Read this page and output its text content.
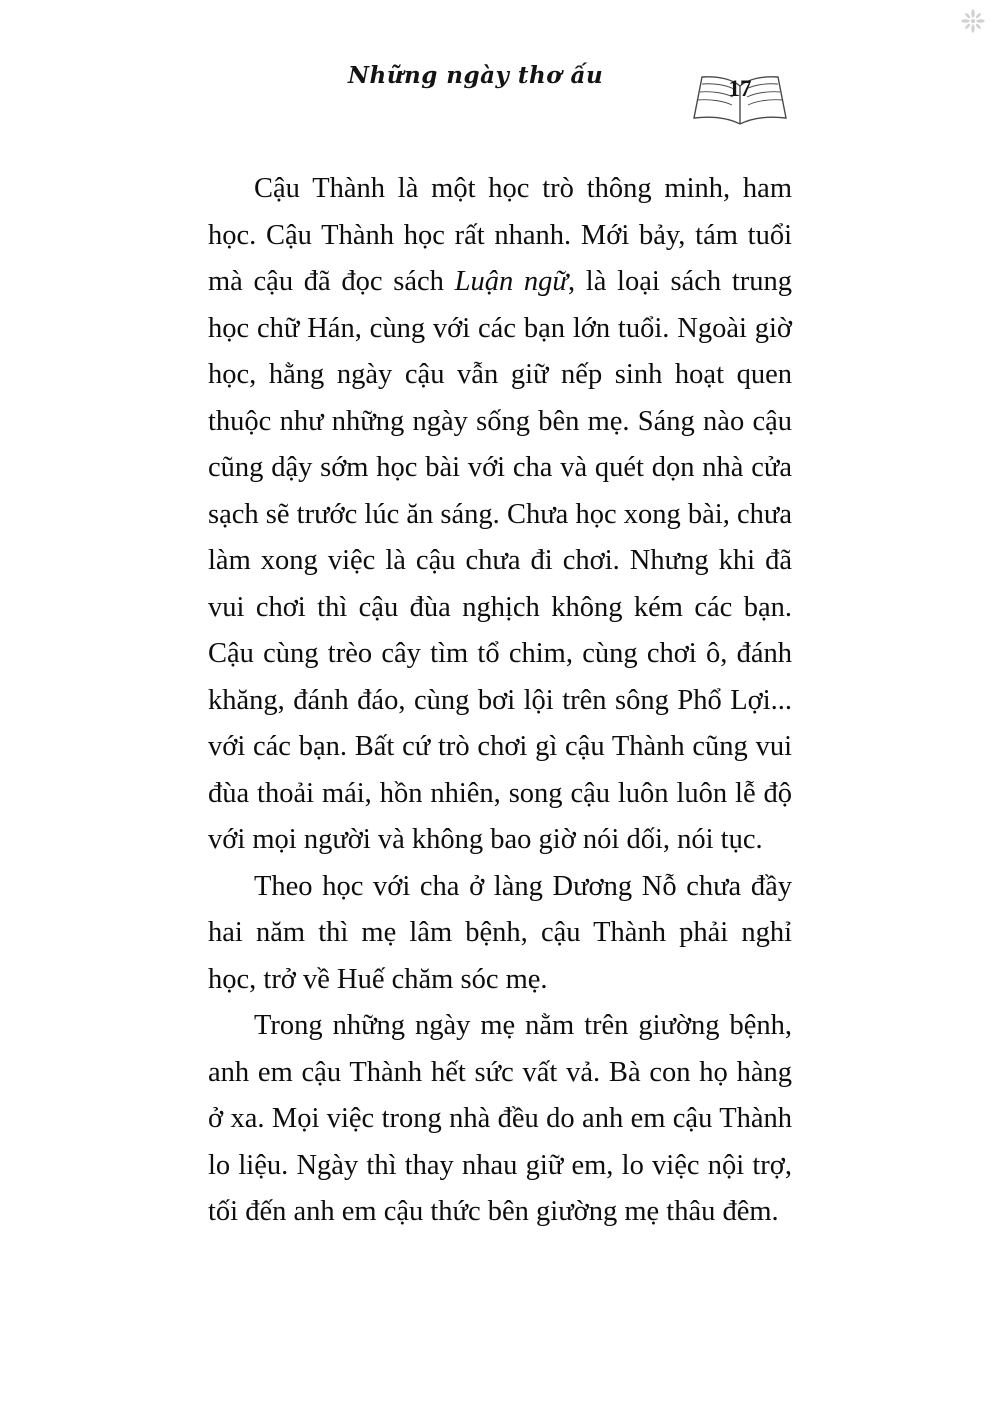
Những ngày thơ ấu	17

Cậu Thành là một học trò thông minh, ham học. Cậu Thành học rất nhanh. Mới bảy, tám tuổi mà cậu đã đọc sách Luận ngữ, là loại sách trung học chữ Hán, cùng với các bạn lớn tuổi. Ngoài giờ học, hằng ngày cậu vẫn giữ nếp sinh hoạt quen thuộc như những ngày sống bên mẹ. Sáng nào cậu cũng dậy sớm học bài với cha và quét dọn nhà cửa sạch sẽ trước lúc ăn sáng. Chưa học xong bài, chưa làm xong việc là cậu chưa đi chơi. Nhưng khi đã vui chơi thì cậu đùa nghịch không kém các bạn. Cậu cùng trèo cây tìm tổ chim, cùng chơi ô, đánh khăng, đánh đáo, cùng bơi lội trên sông Phổ Lợi... với các bạn. Bất cứ trò chơi gì cậu Thành cũng vui đùa thoải mái, hồn nhiên, song cậu luôn luôn lễ độ với mọi người và không bao giờ nói dối, nói tục.

Theo học với cha ở làng Dương Nỗ chưa đầy hai năm thì mẹ lâm bệnh, cậu Thành phải nghỉ học, trở về Huế chăm sóc mẹ.

Trong những ngày mẹ nằm trên giường bệnh, anh em cậu Thành hết sức vất vả. Bà con họ hàng ở xa. Mọi việc trong nhà đều do anh em cậu Thành lo liệu. Ngày thì thay nhau giữ em, lo việc nội trợ, tối đến anh em cậu thức bên giường mẹ thâu đêm.
